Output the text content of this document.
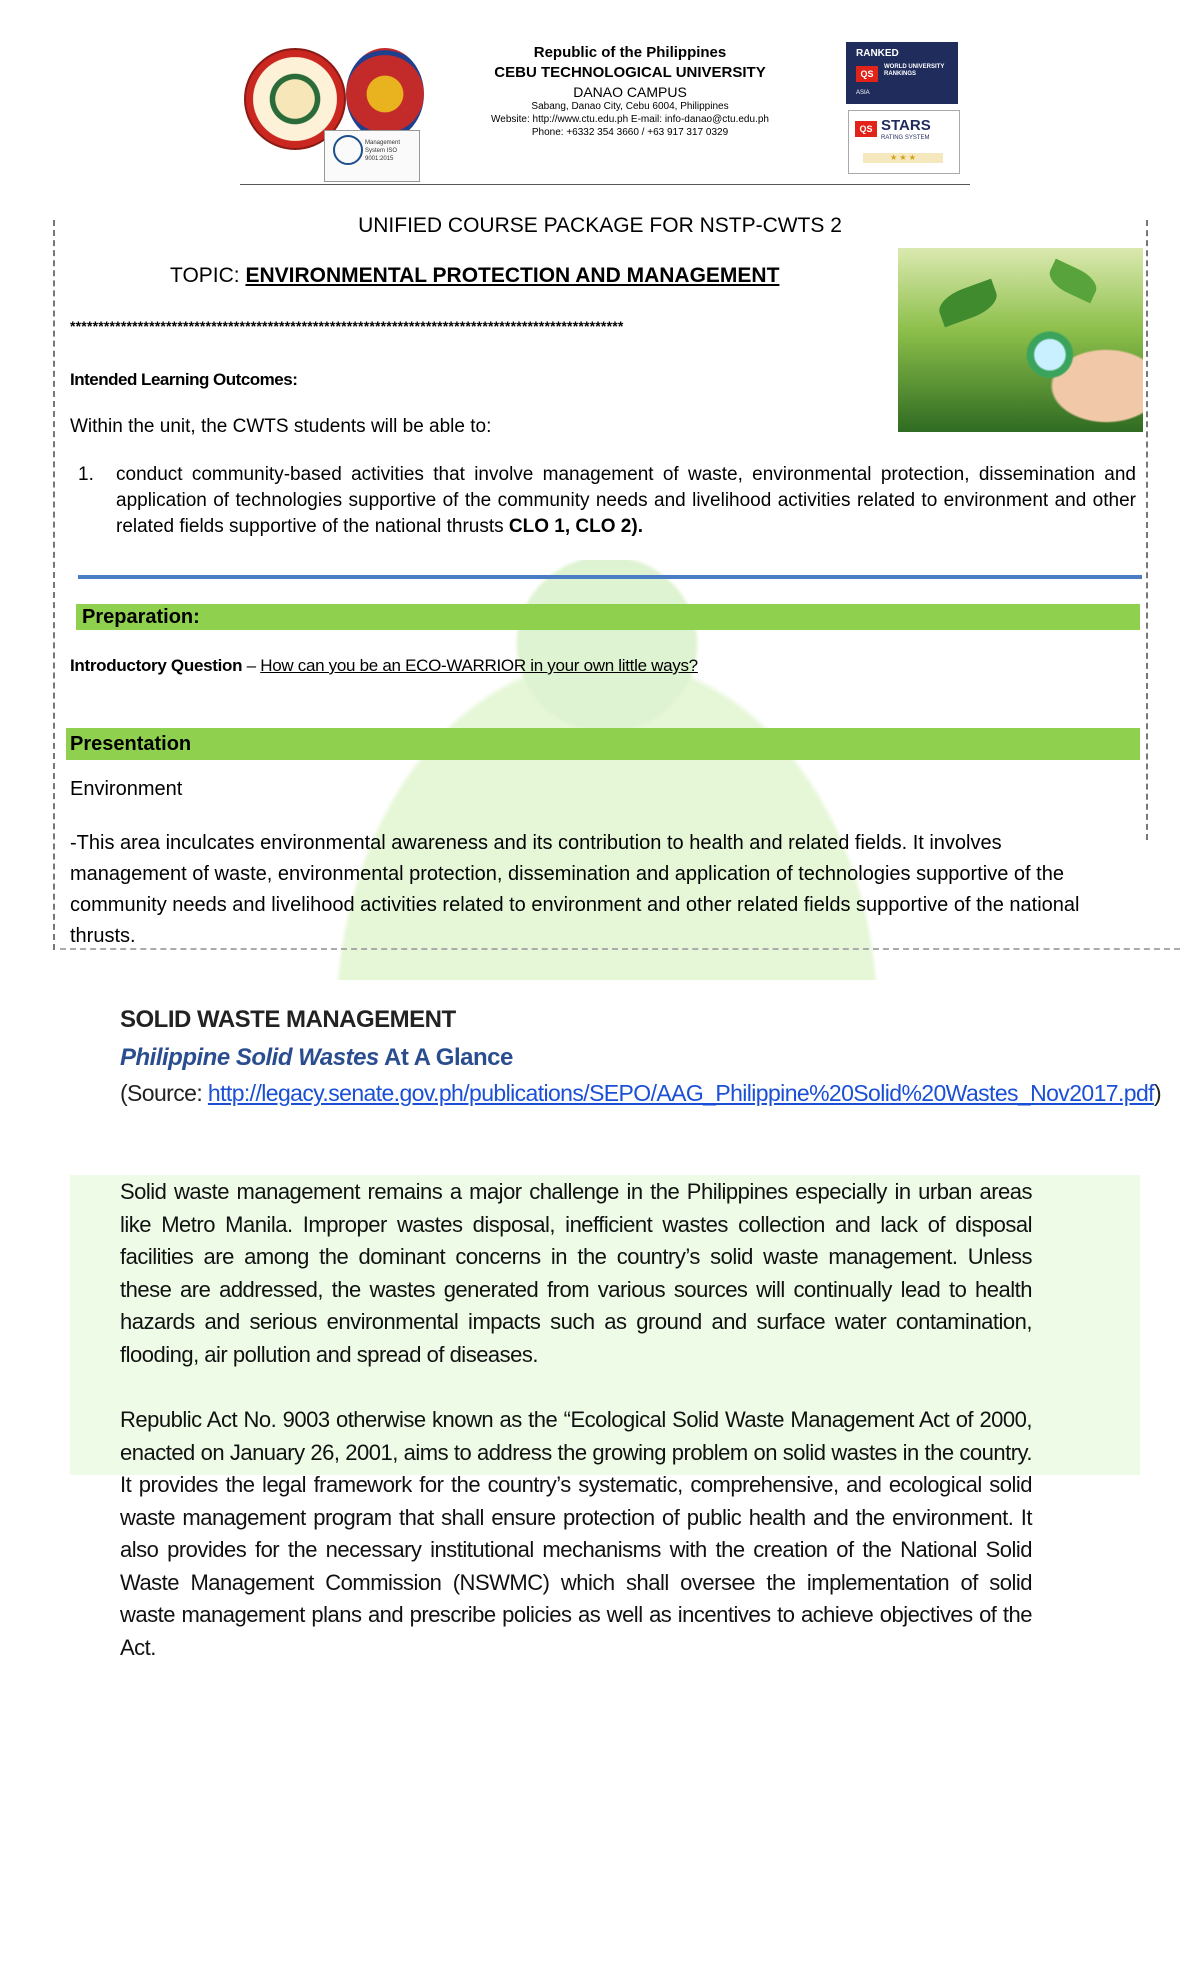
Management System ISO 9001:2015
Republic of the Philippines
CEBU TECHNOLOGICAL UNIVERSITY
DANAO CAMPUS
Sabang, Danao City, Cebu 6004, Philippines
Website: http://www.ctu.edu.ph E-mail: info-danao@ctu.edu.ph
Phone: +6332 354 3660 / +63 917 317 0329
RANKED
QS
WORLD UNIVERSITY RANKINGS
ASIA
QS STARS
RATING SYSTEM
★ ★ ★
UNIFIED COURSE PACKAGE FOR NSTP-CWTS 2
TOPIC: ENVIRONMENTAL PROTECTION AND MANAGEMENT
**************************************************************************************************
Intended Learning Outcomes:
Within the unit, the CWTS students will be able to:
1. conduct community-based activities that involve management of waste, environmental protection, dissemination and application of technologies supportive of the community needs and livelihood activities related to environment and other related fields supportive of the national thrusts CLO 1, CLO 2).
Preparation:
Introductory Question – How can you be an ECO-WARRIOR in your own little ways?
Presentation
Environment
-This area inculcates environmental awareness and its contribution to health and related fields. It involves management of waste, environmental protection, dissemination and application of technologies supportive of the community needs and livelihood activities related to environment and other related fields supportive of the national thrusts.
SOLID WASTE MANAGEMENT
Philippine Solid Wastes At A Glance
(Source: http://legacy.senate.gov.ph/publications/SEPO/AAG_Philippine%20Solid%20Wastes_Nov2017.pdf)
Solid waste management remains a major challenge in the Philippines especially in urban areas like Metro Manila. Improper wastes disposal, inefficient wastes collection and lack of disposal facilities are among the dominant concerns in the country’s solid waste management. Unless these are addressed, the wastes generated from various sources will continually lead to health hazards and serious environmental impacts such as ground and surface water contamination, flooding, air pollution and spread of diseases.
Republic Act No. 9003 otherwise known as the “Ecological Solid Waste Management Act of 2000, enacted on January 26, 2001, aims to address the growing problem on solid wastes in the country. It provides the legal framework for the country’s systematic, comprehensive, and ecological solid waste management program that shall ensure protection of public health and the environment. It also provides for the necessary institutional mechanisms with the creation of the National Solid Waste Management Commission (NSWMC) which shall oversee the implementation of solid waste management plans and prescribe policies as well as incentives to achieve objectives of the Act.
